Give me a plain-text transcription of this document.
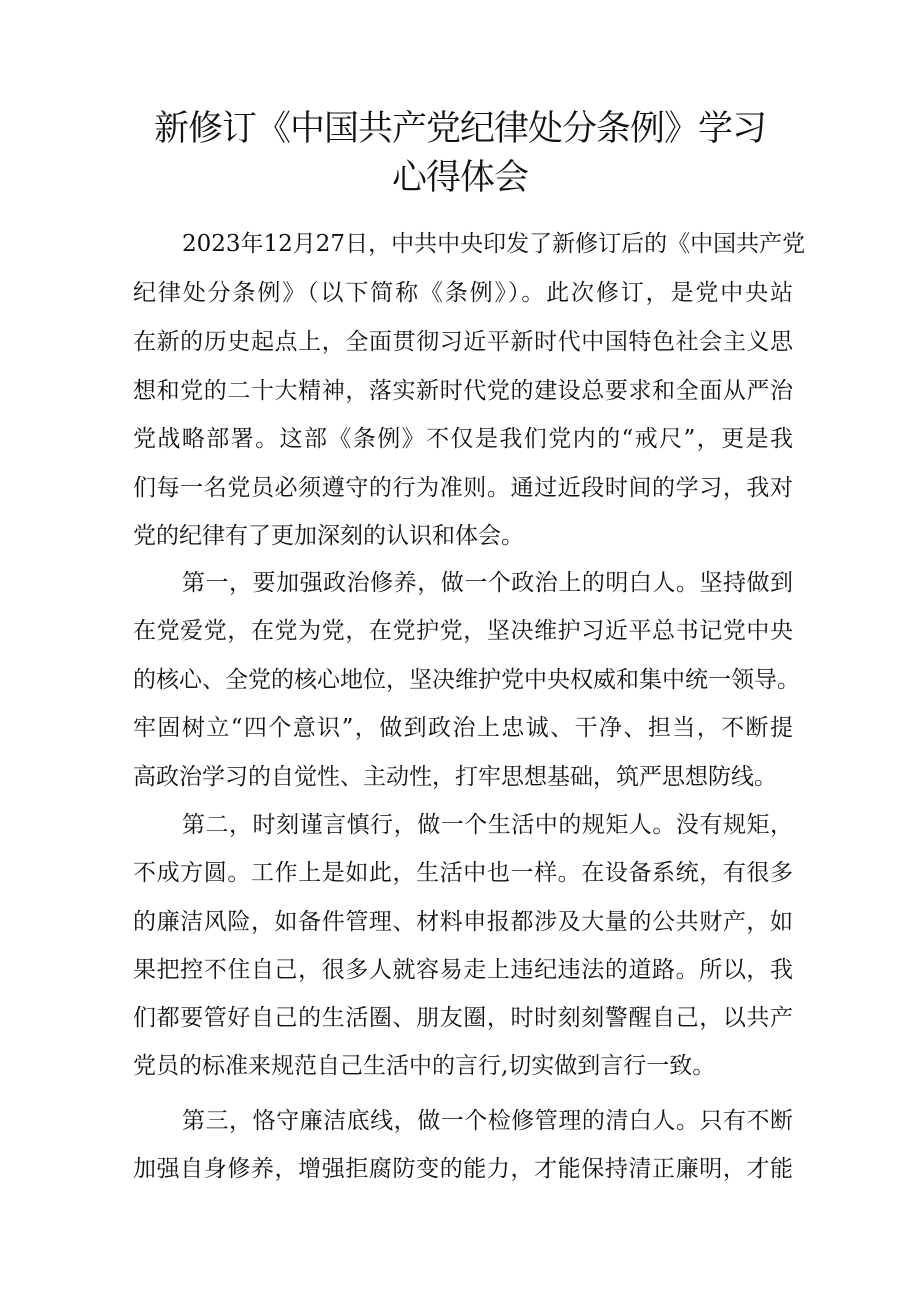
新修订《中国共产党纪律处分条例》学习
心得体会

2023年12月27日，中共中央印发了新修订后的《中国共产党

纪律处分条例》（以下简称《条例》）。此次修订，是党中央站

在新的历史起点上，全面贯彻习近平新时代中国特色社会主义思

想和党的二十大精神，落实新时代党的建设总要求和全面从严治

党战略部署。这部《条例》不仅是我们党内的“戒尺”，更是我

们每一名党员必须遵守的行为准则。通过近段时间的学习，我对

党的纪律有了更加深刻的认识和体会。

第一，要加强政治修养，做一个政治上的明白人。坚持做到

在党爱党，在党为党，在党护党，坚决维护习近平总书记党中央

的核心、全党的核心地位，坚决维护党中央权威和集中统一领导。

牢固树立“四个意识”，做到政治上忠诚、干净、担当，不断提

高政治学习的自觉性、主动性，打牢思想基础，筑严思想防线。

第二，时刻谨言慎行，做一个生活中的规矩人。没有规矩，

不成方圆。工作上是如此，生活中也一样。在设备系统，有很多

的廉洁风险，如备件管理、材料申报都涉及大量的公共财产，如

果把控不住自己，很多人就容易走上违纪违法的道路。所以，我

们都要管好自己的生活圈、朋友圈，时时刻刻警醒自己，以共产

党员的标准来规范自己生活中的言行,切实做到言行一致。

第三，恪守廉洁底线，做一个检修管理的清白人。只有不断

加强自身修养，增强拒腐防变的能力，才能保持清正廉明，才能
